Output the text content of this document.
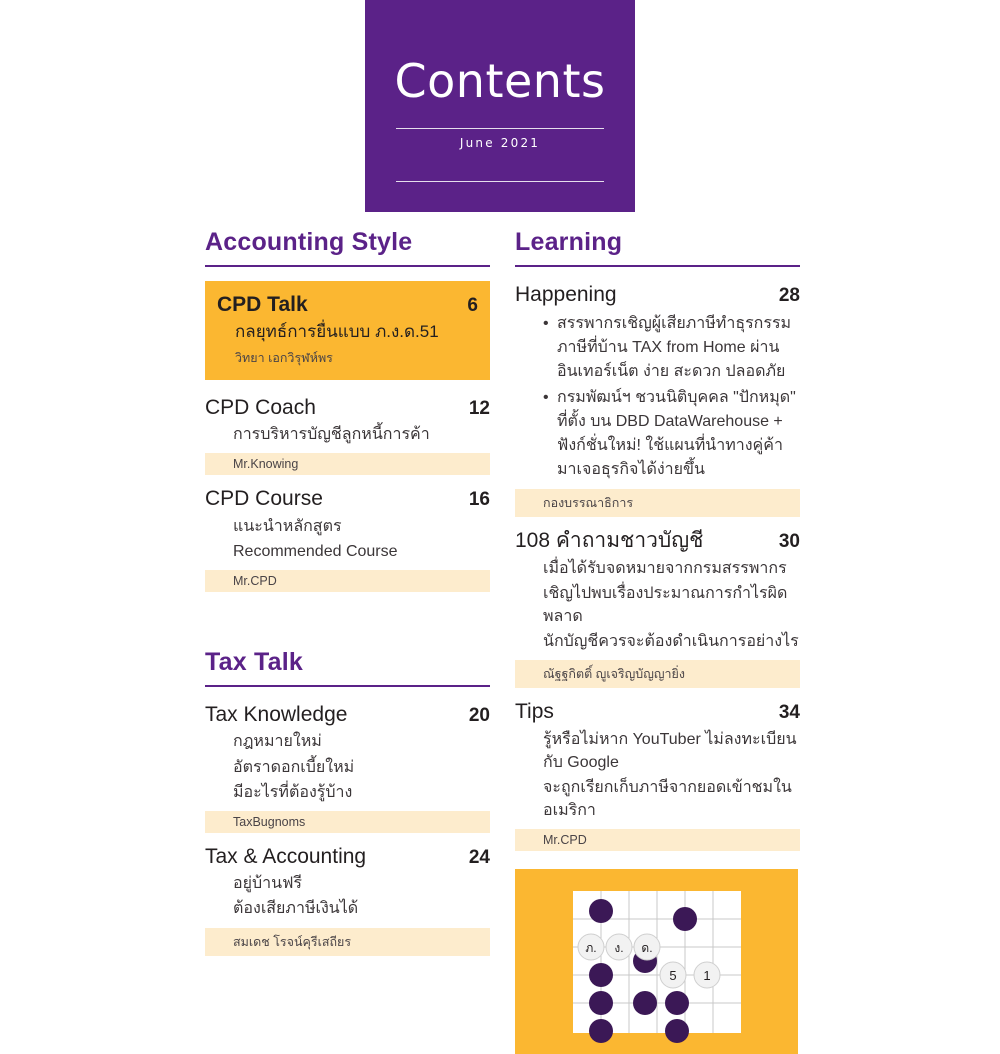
Contents
June 2021
Accounting Style
CPD Talk	6
กลยุทธ์การยื่นแบบ ภ.ง.ด.51
วิทยา เอกวิรุฬห์พร
CPD Coach	12
การบริหารบัญชีลูกหนี้การค้า
Mr.Knowing
CPD Course	16
แนะนำหลักสูตร
Recommended Course
Mr.CPD
Tax Talk
Tax Knowledge	20
กฎหมายใหม่
อัตราดอกเบี้ยใหม่
มีอะไรที่ต้องรู้บ้าง
TaxBugnoms
Tax & Accounting	24
อยู่บ้านฟรี
ต้องเสียภาษีเงินได้
สมเดช โรจน์คุรีเสถียร
Learning
Happening	28
• สรรพากรเชิญผู้เสียภาษีทำธุรกรรมภาษีที่บ้าน TAX from Home ผ่านอินเทอร์เน็ต ง่าย สะดวก ปลอดภัย
• กรมพัฒน์ฯ ชวนนิติบุคคล "ปักหมุด" ที่ตั้ง บน DBD DataWarehouse + ฟังก์ชั่นใหม่! ใช้แผนที่นำทางคู่ค้ามาเจอธุรกิจได้ง่ายขึ้น
กองบรรณาธิการ
108 คำถามชาวบัญชี	30
เมื่อได้รับจดหมายจากกรมสรรพากร
เชิญไปพบเรื่องประมาณการกำไรผิดพลาด
นักบัญชีควรจะต้องดำเนินการอย่างไร
ณัฐฐกิตติ์ ญูเจริญบัญญายิ่ง
Tips	34
รู้หรือไม่หาก YouTuber ไม่ลงทะเบียนกับ Google
จะถูกเรียกเก็บภาษีจากยอดเข้าชมในอเมริกา
Mr.CPD
ภ. ง. ด.
5 1
